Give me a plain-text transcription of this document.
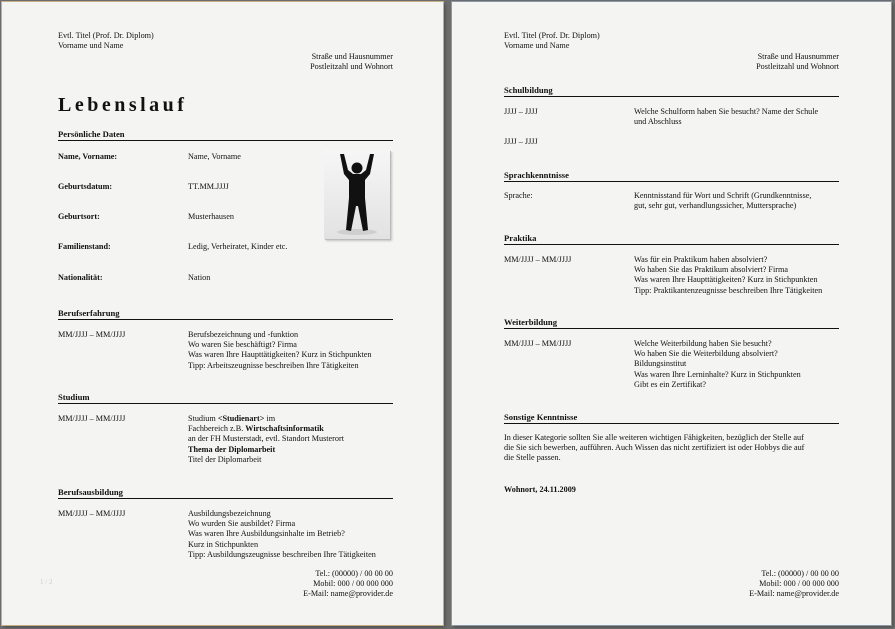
Evtl. Titel (Prof. Dr. Diplom)
Vorname und Name
Straße und Hausnummer
Postleitzahl und Wohnort
Lebenslauf
Persönliche Daten
Name, Vorname:	Name, Vorname
Geburtsdatum:	TT.MM.JJJJ
Geburtsort:	Musterhausen
Familienstand:	Ledig, Verheiratet, Kinder etc.
Nationalität:	Nation
Berufserfahrung
MM/JJJJ – MM/JJJJ	Berufsbezeichnung und -funktion
Wo waren Sie beschäftigt? Firma
Was waren Ihre Haupttätigkeiten? Kurz in Stichpunkten
Tipp: Arbeitszeugnisse beschreiben Ihre Tätigkeiten
Studium
MM/JJJJ – MM/JJJJ	Studium <Studienart> im
Fachbereich z.B. Wirtschaftsinformatik
an der FH Musterstadt, evtl. Standort Musterort
Thema der Diplomarbeit
Titel der Diplomarbeit
Berufsausbildung
MM/JJJJ – MM/JJJJ	Ausbildungsbezeichnung
Wo wurden Sie ausbildet? Firma
Was waren Ihre Ausbildungsinhalte im Betrieb?
Kurz in Stichpunkten
Tipp: Ausbildungszeugnisse beschreiben Ihre Tätigkeiten
1 / 2
Tel.: (00000) / 00 00 00
Mobil: 000 / 00 000 000
E-Mail: name@provider.de
Evtl. Titel (Prof. Dr. Diplom)
Vorname und Name
Straße und Hausnummer
Postleitzahl und Wohnort
Schulbildung
JJJJ – JJJJ	Welche Schulform haben Sie besucht? Name der Schule
und Abschluss
JJJJ – JJJJ
Sprachkenntnisse
Sprache:	Kenntnisstand für Wort und Schrift (Grundkenntnisse,
gut, sehr gut, verhandlungssicher, Muttersprache)
Praktika
MM/JJJJ – MM/JJJJ	Was für ein Praktikum haben absolviert?
Wo haben Sie das Praktikum absolviert? Firma
Was waren Ihre Haupttätigkeiten? Kurz in Stichpunkten
Tipp: Praktikantenzeugnisse beschreiben Ihre Tätigkeiten
Weiterbildung
MM/JJJJ – MM/JJJJ	Welche Weiterbildung haben Sie besucht?
Wo haben Sie die Weiterbildung absolviert?
Bildungsinstitut
Was waren Ihre Lerninhalte? Kurz in Stichpunkten
Gibt es ein Zertifikat?
Sonstige Kenntnisse
In dieser Kategorie sollten Sie alle weiteren wichtigen Fähigkeiten, bezüglich der Stelle auf
die Sie sich bewerben, aufführen. Auch Wissen das nicht zertifiziert ist oder Hobbys die auf
die Stelle passen.
Wohnort, 24.11.2009
Tel.: (00000) / 00 00 00
Mobil: 000 / 00 000 000
E-Mail: name@provider.de
